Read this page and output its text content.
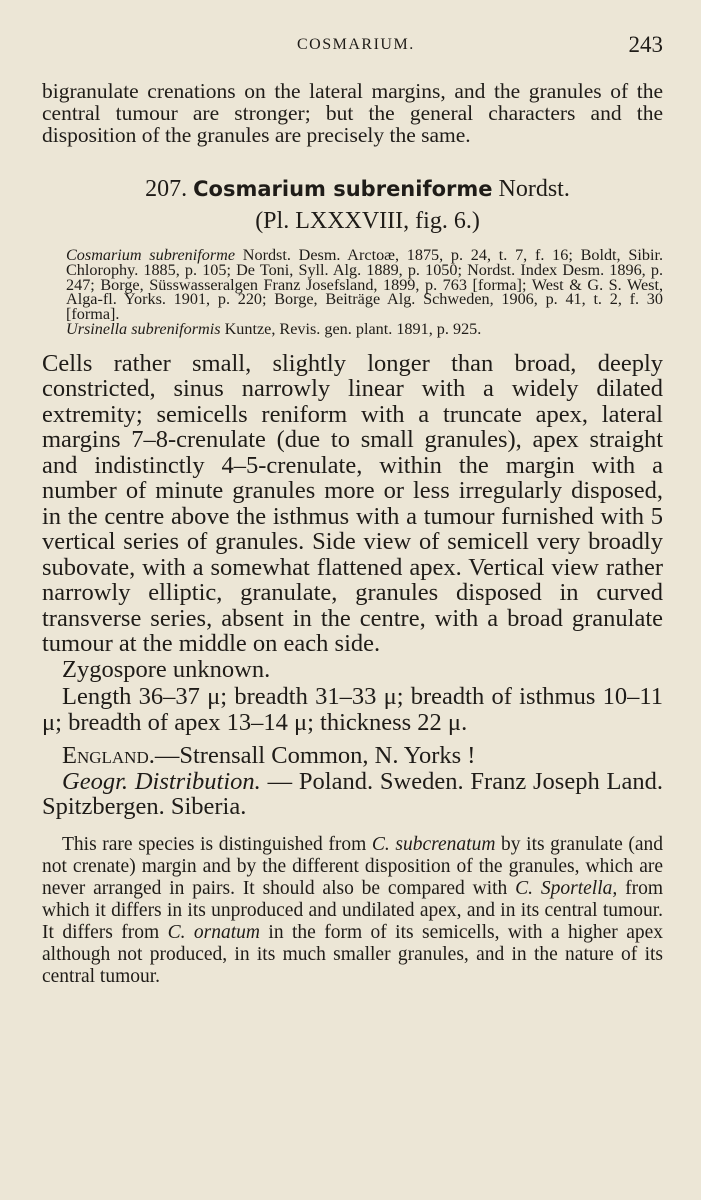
COSMARIUM.	243

bigranulate crenations on the lateral margins, and the granules of the central tumour are stronger; but the general characters and the disposition of the granules are precisely the same.

207. Cosmarium subreniforme Nordst.
(Pl. LXXXVIII, fig. 6.)

Cosmarium subreniforme Nordst. Desm. Arctoæ, 1875, p. 24, t. 7, f. 16; Boldt, Sibir. Chlorophy. 1885, p. 105; De Toni, Syll. Alg. 1889, p. 1050; Nordst. Index Desm. 1896, p. 247; Borge, Süsswasseralgen Franz Josefsland, 1899, p. 763 [forma]; West & G. S. West, Alga-fl. Yorks. 1901, p. 220; Borge, Beiträge Alg. Schweden, 1906, p. 41, t. 2, f. 30 [forma].

Ursinella subreniformis Kuntze, Revis. gen. plant. 1891, p. 925.

Cells rather small, slightly longer than broad, deeply constricted, sinus narrowly linear with a widely dilated extremity; semicells reniform with a truncate apex, lateral margins 7–8-crenulate (due to small granules), apex straight and indistinctly 4–5-crenulate, within the margin with a number of minute granules more or less irregularly disposed, in the centre above the isthmus with a tumour furnished with 5 vertical series of granules. Side view of semicell very broadly subovate, with a somewhat flattened apex. Vertical view rather narrowly elliptic, granulate, granules disposed in curved transverse series, absent in the centre, with a broad granulate tumour at the middle on each side.

Zygospore unknown.

Length 36–37 μ; breadth 31–33 μ; breadth of isthmus 10–11 μ; breadth of apex 13–14 μ; thickness 22 μ.

England.—Strensall Common, N. Yorks !

Geogr. Distribution. — Poland. Sweden. Franz Joseph Land. Spitzbergen. Siberia.

This rare species is distinguished from C. subcrenatum by its granulate (and not crenate) margin and by the different disposition of the granules, which are never arranged in pairs. It should also be compared with C. Sportella, from which it differs in its unproduced and undilated apex, and in its central tumour. It differs from C. ornatum in the form of its semicells, with a higher apex although not produced, in its much smaller granules, and in the nature of its central tumour.
